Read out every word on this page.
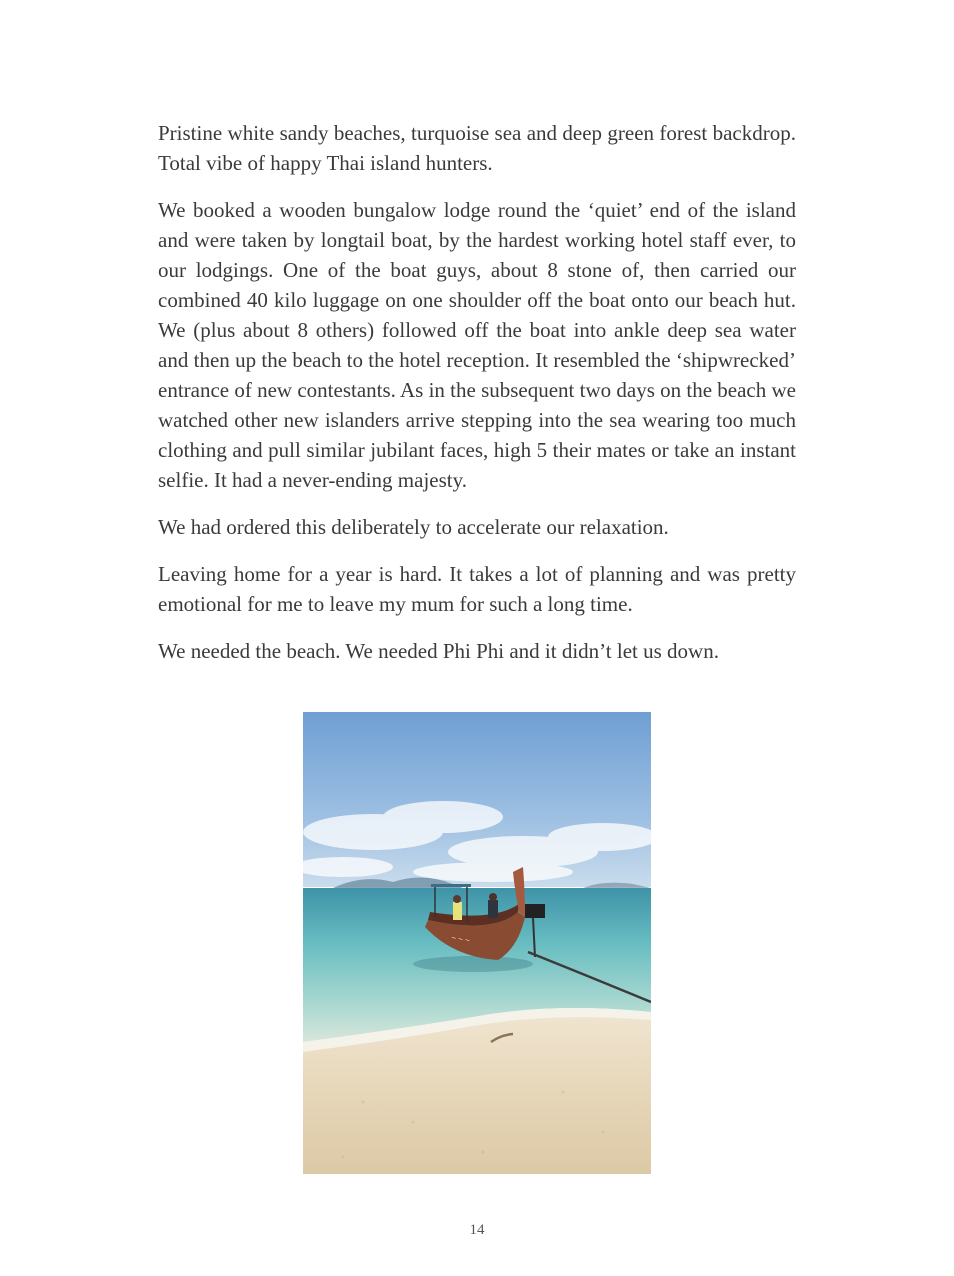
Pristine white sandy beaches, turquoise sea and deep green forest backdrop. Total vibe of happy Thai island hunters.

We booked a wooden bungalow lodge round the ‘quiet’ end of the island and were taken by longtail boat, by the hardest working hotel staff ever, to our lodgings. One of the boat guys, about 8 stone of, then carried our combined 40 kilo luggage on one shoulder off the boat onto our beach hut. We (plus about 8 others) followed off the boat into ankle deep sea water and then up the beach to the hotel reception. It resembled the ‘shipwrecked’ entrance of new contestants. As in the subsequent two days on the beach we watched other new islanders arrive stepping into the sea wearing too much clothing and pull similar jubilant faces, high 5 their mates or take an instant selfie. It had a never-ending majesty.

We had ordered this deliberately to accelerate our relaxation.

Leaving home for a year is hard. It takes a lot of planning and was pretty emotional for me to leave my mum for such a long time.

We needed the beach. We needed Phi Phi and it didn’t let us down.

~ ~ ~
14
